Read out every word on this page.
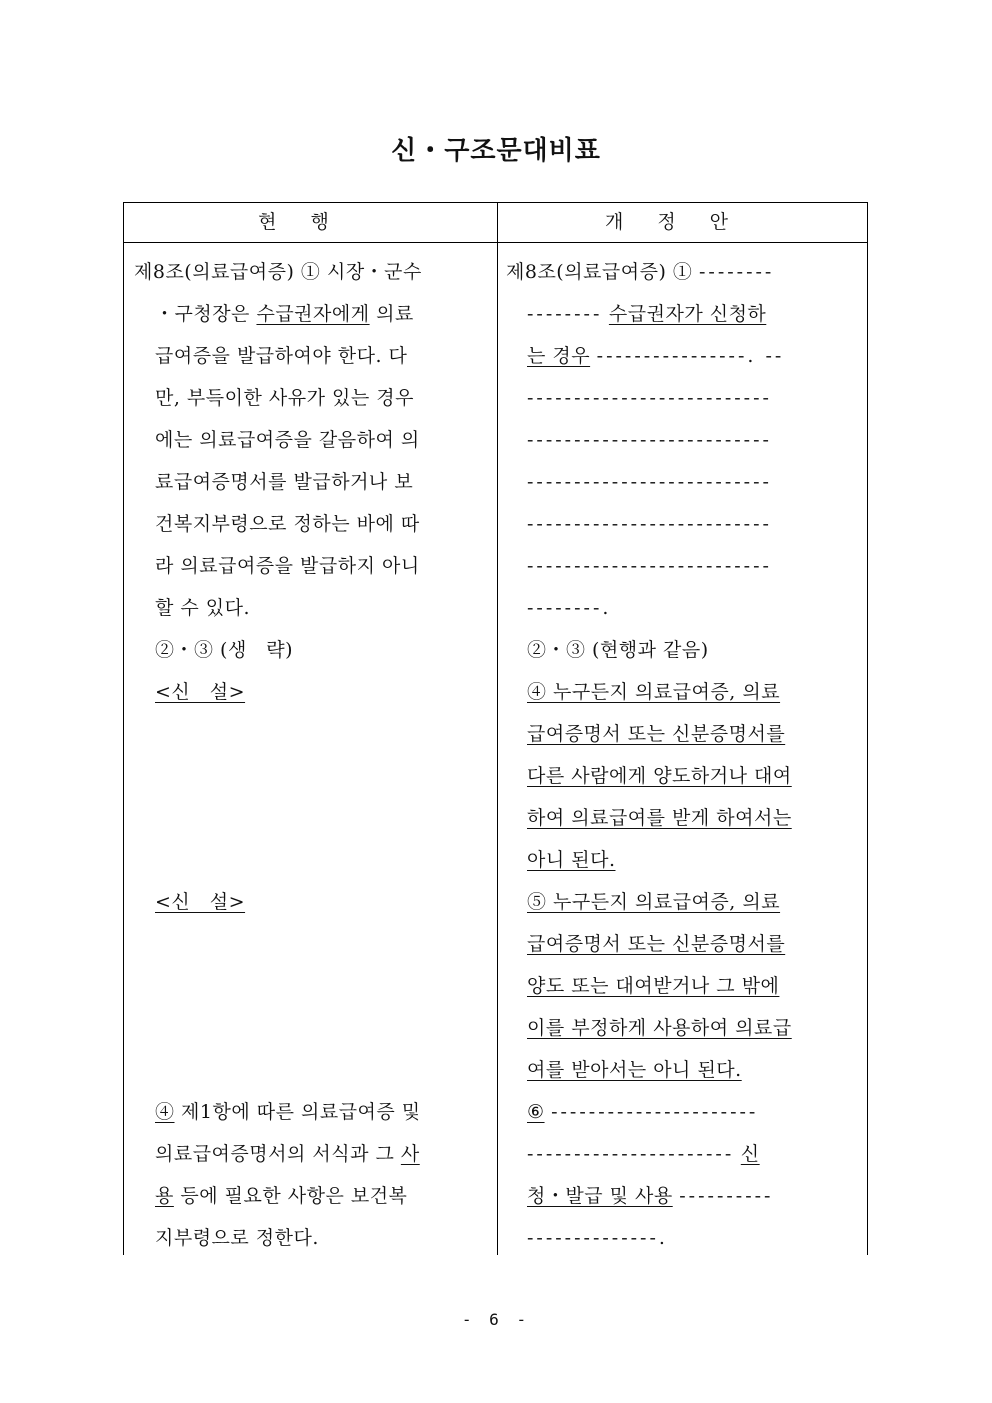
신・구조문대비표
현행	개정안
제8조(의료급여증) ① 시장・군수
・구청장은 수급권자에게 의료
급여증을 발급하여야 한다. 다
만, 부득이한 사유가 있는 경우
에는 의료급여증을 갈음하여 의
료급여증명서를 발급하거나 보
건복지부령으로 정하는 바에 따
라 의료급여증을 발급하지 아니
할 수 있다.
②・③ (생　략)
<신　설>
<신　설>
④ 제1항에 따른 의료급여증 및
의료급여증명서의 서식과 그 사
용 등에 필요한 사항은 보건복
지부령으로 정한다.
제8조(의료급여증) ① --------
-------- 수급권자가 신청하
는 경우 ----------------. --
--------------------------
--------------------------
--------------------------
--------------------------
--------------------------
--------.
②・③ (현행과 같음)
④ 누구든지 의료급여증, 의료
급여증명서 또는 신분증명서를
다른 사람에게 양도하거나 대여
하여 의료급여를 받게 하여서는
아니 된다.
⑤ 누구든지 의료급여증, 의료
급여증명서 또는 신분증명서를
양도 또는 대여받거나 그 밖에
이를 부정하게 사용하여 의료급
여를 받아서는 아니 된다.
⑥ ----------------------
---------------------- 신
청・발급 및 사용 ----------
--------------.
- 6 -
